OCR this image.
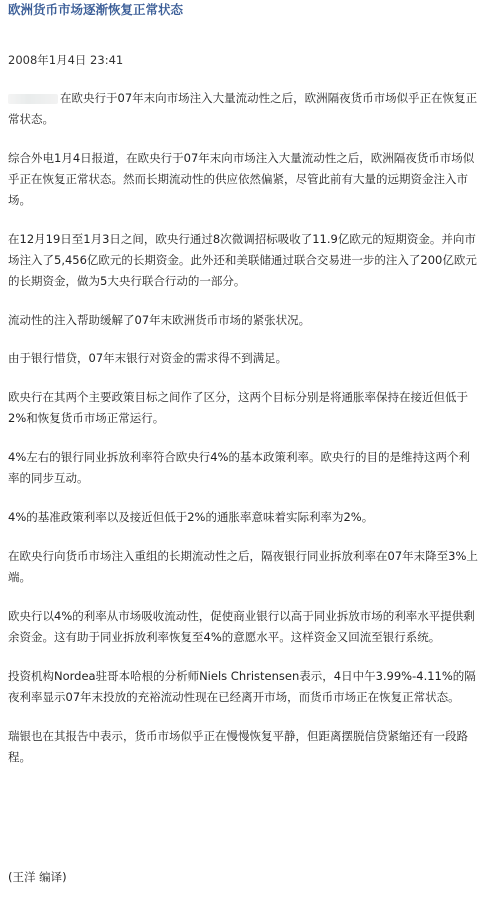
欧洲货币市场逐渐恢复正常状态
2008年1月4日 23:41

在欧央行于07年末向市场注入大量流动性之后，欧洲隔夜货币市场似乎正在恢复正常状态。

综合外电1月4日报道，在欧央行于07年末向市场注入大量流动性之后，欧洲隔夜货币市场似乎正在恢复正常状态。然而长期流动性的供应依然偏紧，尽管此前有大量的远期资金注入市场。

在12月19日至1月3日之间，欧央行通过8次微调招标吸收了11.9亿欧元的短期资金。并向市场注入了5,456亿欧元的长期资金。此外还和美联储通过联合交易进一步的注入了200亿欧元的长期资金，做为5大央行联合行动的一部分。

流动性的注入帮助缓解了07年末欧洲货币市场的紧张状况。

由于银行惜贷，07年末银行对资金的需求得不到满足。

欧央行在其两个主要政策目标之间作了区分，这两个目标分别是将通胀率保持在接近但低于2%和恢复货币市场正常运行。

4%左右的银行同业拆放利率符合欧央行4%的基本政策利率。欧央行的目的是维持这两个利率的同步互动。

4%的基准政策利率以及接近但低于2%的通胀率意味着实际利率为2%。

在欧央行向货币市场注入重组的长期流动性之后，隔夜银行同业拆放利率在07年末降至3%上端。

欧央行以4%的利率从市场吸收流动性，促使商业银行以高于同业拆放市场的利率水平提供剩余资金。这有助于同业拆放利率恢复至4%的意愿水平。这样资金又回流至银行系统。

投资机构Nordea驻哥本哈根的分析师Niels Christensen表示，4日中午3.99%-4.11%的隔夜利率显示07年末投放的充裕流动性现在已经离开市场，而货币市场正在恢复正常状态。

瑞银也在其报告中表示，货币市场似乎正在慢慢恢复平静，但距离摆脱信贷紧缩还有一段路程。

(王洋 编译)
